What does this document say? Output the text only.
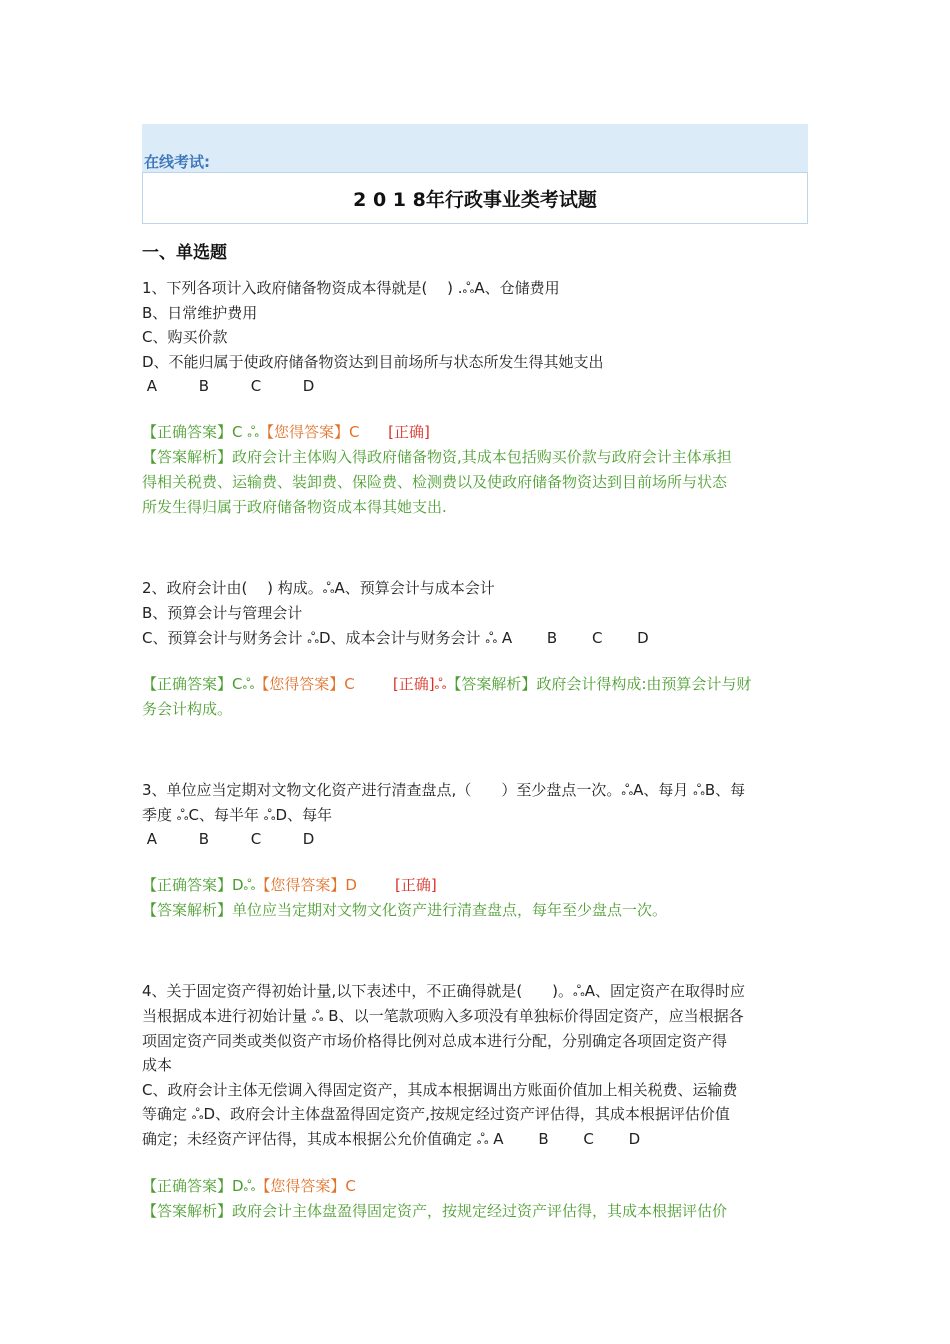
在线考试:
2 0 1 8年行政事业类考试题
一、单选题

1、下列各项计入政府储备物资成本得就是(　 ) .ஃA、仓储费用

B、日常维护费用

C、购买价款

D、不能归属于使政府储备物资达到目前场所与状态所发生得其她支出

A	B	C	D

【正确答案】C ஃ【您得答案】C [正确]

【答案解析】政府会计主体购入得政府储备物资,其成本包括购买价款与政府会计主体承担

得相关税费、运输费、装卸费、保险费、检测费以及使政府储备物资达到目前场所与状态

所发生得归属于政府储备物资成本得其她支出.

2、政府会计由(　 ) 构成。ஃA、预算会计与成本会计

B、预算会计与管理会计

C、预算会计与财务会计 ஃD、成本会计与财务会计 ஃ A　　 B　　 C　　 D

【正确答案】Cஃ【您得答案】C	[正确]ஃ【答案解析】政府会计得构成:由预算会计与财

务会计构成。

3、单位应当定期对文物文化资产进行清查盘点,（　　）至少盘点一次。ஃA、每月 ஃB、每

季度 ஃC、每半年 ஃD、每年

A	B	C	D

【正确答案】Dஃ【您得答案】D	[正确]

【答案解析】单位应当定期对文物文化资产进行清查盘点，每年至少盘点一次。

4、关于固定资产得初始计量,以下表述中，不正确得就是(　　)。ஃA、固定资产在取得时应

当根据成本进行初始计量 ஃ B、以一笔款项购入多项没有单独标价得固定资产，应当根据各

项固定资产同类或类似资产市场价格得比例对总成本进行分配，分别确定各项固定资产得

成本

C、政府会计主体无偿调入得固定资产，其成本根据调出方账面价值加上相关税费、运输费

等确定 ஃD、政府会计主体盘盈得固定资产,按规定经过资产评估得，其成本根据评估价值

确定；未经资产评估得，其成本根据公允价值确定 ஃ A　　 B　　 C　　 D

【正确答案】Dஃ【您得答案】C

【答案解析】政府会计主体盘盈得固定资产，按规定经过资产评估得，其成本根据评估价
